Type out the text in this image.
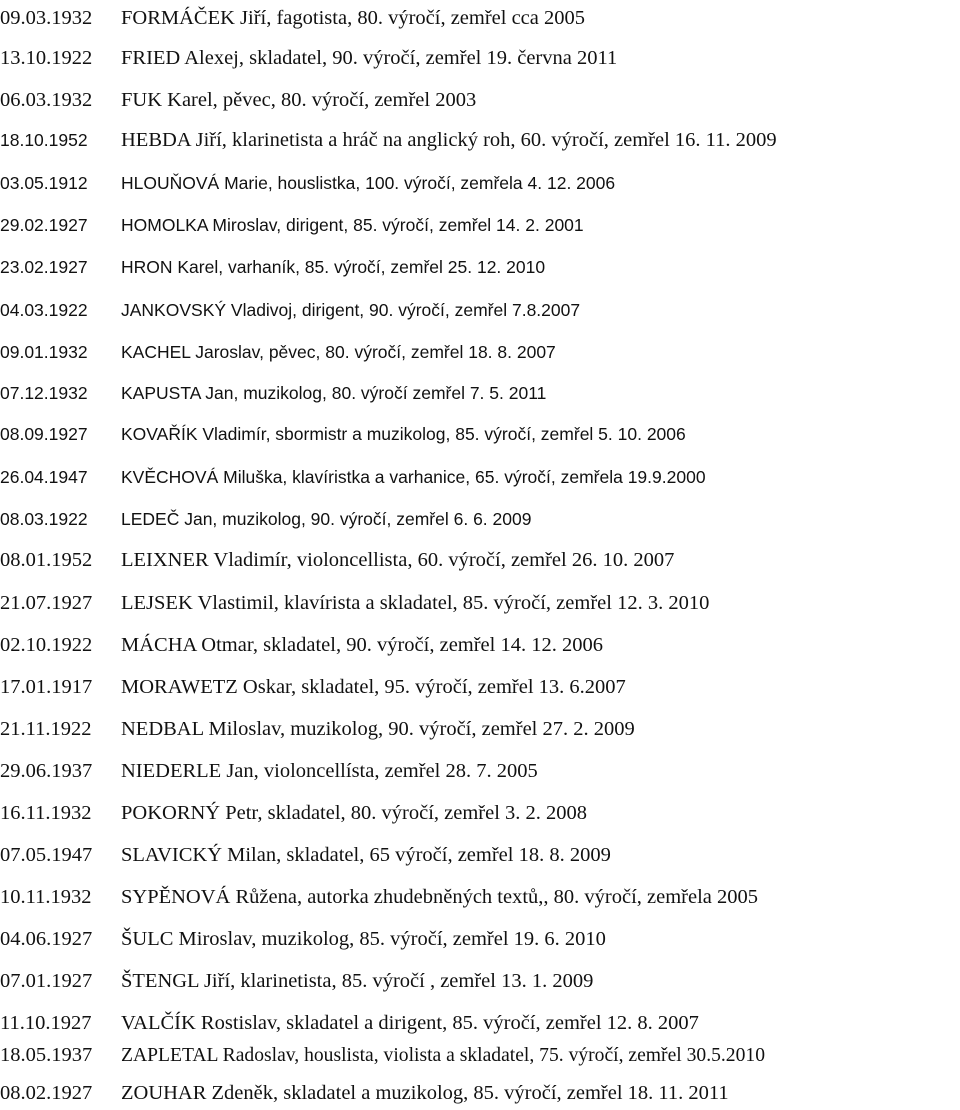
09.03.1932 FORMÁČEK Jiří, fagotista, 80. výročí, zemřel cca 2005
13.10.1922 FRIED Alexej, skladatel, 90. výročí, zemřel 19. června 2011
06.03.1932 FUK Karel, pěvec, 80. výročí, zemřel 2003
18.10.1952 HEBDA Jiří, klarinetista a hráč na anglický roh, 60. výročí, zemřel 16. 11. 2009
03.05.1912 HLOUŇOVÁ Marie, houslistka, 100. výročí, zemřela 4. 12. 2006
29.02.1927 HOMOLKA Miroslav, dirigent, 85. výročí, zemřel 14. 2. 2001
23.02.1927 HRON Karel, varhaník, 85. výročí, zemřel 25. 12. 2010
04.03.1922 JANKOVSKÝ Vladivoj, dirigent, 90. výročí, zemřel 7.8.2007
09.01.1932 KACHEL Jaroslav, pěvec, 80. výročí, zemřel 18. 8. 2007
07.12.1932 KAPUSTA Jan, muzikolog, 80. výročí zemřel 7. 5. 2011
08.09.1927 KOVAŘÍK Vladimír, sbormistr a muzikolog, 85. výročí, zemřel 5. 10. 2006
26.04.1947 KVĚCHOVÁ Miluška, klavíristka a varhanice, 65. výročí, zemřela 19.9.2000
08.03.1922 LEDEČ Jan, muzikolog, 90. výročí, zemřel 6. 6. 2009
08.01.1952 LEIXNER Vladimír, violoncellista, 60. výročí, zemřel 26. 10. 2007
21.07.1927 LEJSEK Vlastimil, klavírista a skladatel, 85. výročí, zemřel 12. 3. 2010
02.10.1922 MÁCHA Otmar, skladatel, 90. výročí, zemřel 14. 12. 2006
17.01.1917 MORAWETZ Oskar, skladatel, 95. výročí, zemřel 13. 6.2007
21.11.1922 NEDBAL Miloslav, muzikolog, 90. výročí, zemřel 27. 2. 2009
29.06.1937 NIEDERLE Jan, violoncellísta, zemřel 28. 7. 2005
16.11.1932 POKORNÝ Petr, skladatel, 80. výročí, zemřel 3. 2. 2008
07.05.1947 SLAVICKÝ Milan, skladatel, 65 výročí, zemřel 18. 8. 2009
10.11.1932 SYPĚNOVÁ Růžena, autorka zhudebněných textů,, 80. výročí, zemřela 2005
04.06.1927 ŠULC Miroslav, muzikolog, 85. výročí, zemřel 19. 6. 2010
07.01.1927 ŠTENGL Jiří, klarinetista, 85. výročí , zemřel 13. 1. 2009
11.10.1927 VALČÍK Rostislav, skladatel a dirigent, 85. výročí, zemřel 12. 8. 2007
18.05.1937 ZAPLETAL Radoslav, houslista, violista a skladatel, 75. výročí, zemřel 30.5.2010
08.02.1927 ZOUHAR Zdeněk, skladatel a muzikolog, 85. výročí, zemřel 18. 11. 2011
